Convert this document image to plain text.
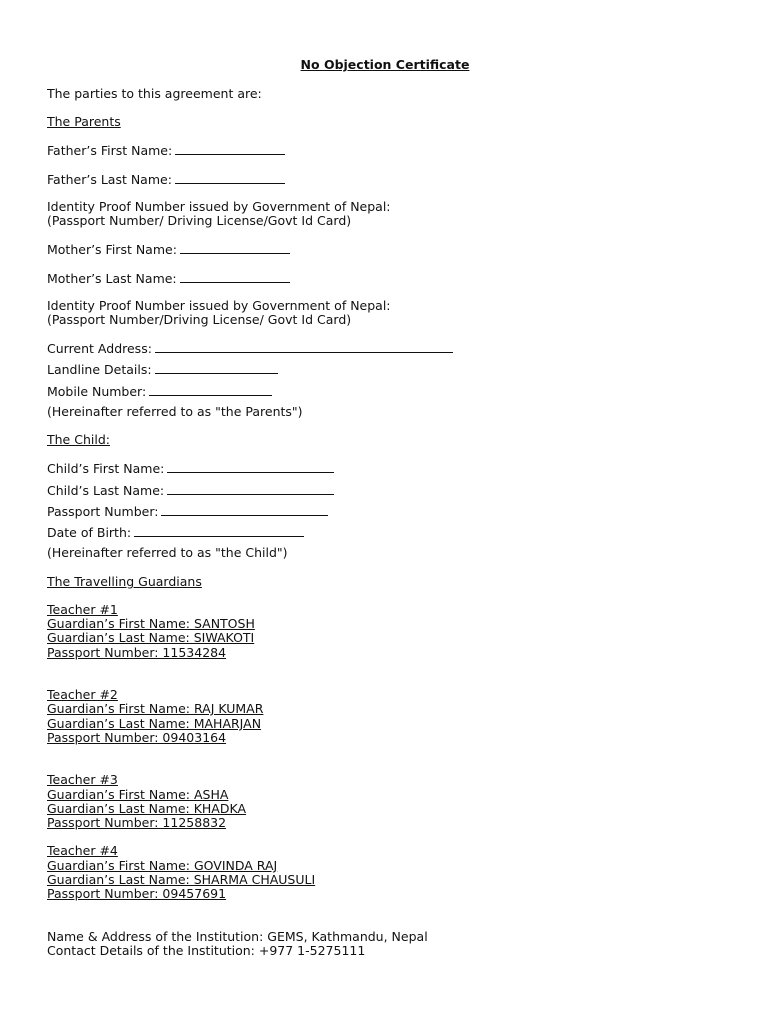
No Objection Certificate
The parties to this agreement are:
The Parents
Father’s First Name:
Father’s Last Name:
Identity Proof Number issued by Government of Nepal:
(Passport Number/ Driving License/Govt Id Card)
Mother’s First Name:
Mother’s Last Name:
Identity Proof Number issued by Government of Nepal:
(Passport Number/Driving License/ Govt Id Card)
Current Address:
Landline Details:
Mobile Number:
(Hereinafter referred to as "the Parents")
The Child:
Child’s First Name:
Child’s Last Name:
Passport Number:
Date of Birth:
(Hereinafter referred to as "the Child")
The Travelling Guardians
Teacher #1
Guardian’s First Name: SANTOSH
Guardian’s Last Name: SIWAKOTI
Passport Number: 11534284
Teacher #2
Guardian’s First Name: RAJ KUMAR
Guardian’s Last Name: MAHARJAN
Passport Number: 09403164
Teacher #3
Guardian’s First Name: ASHA
Guardian’s Last Name: KHADKA
Passport Number: 11258832
Teacher #4
Guardian’s First Name: GOVINDA RAJ
Guardian’s Last Name: SHARMA CHAUSULI
Passport Number: 09457691
Name & Address of the Institution: GEMS, Kathmandu, Nepal
Contact Details of the Institution: +977 1-5275111
